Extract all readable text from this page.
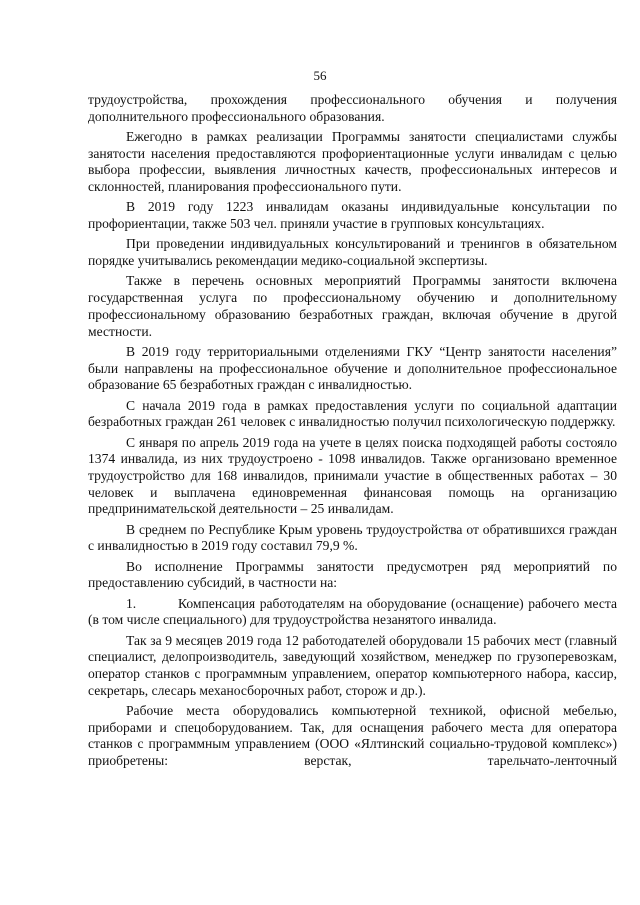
56

трудоустройства, прохождения профессионального обучения и получения дополнительного профессионального образования.

Ежегодно в рамках реализации Программы занятости специалистами службы занятости населения предоставляются профориентационные услуги инвалидам с целью выбора профессии, выявления личностных качеств, профессиональных интересов и склонностей, планирования профессионального пути.

В 2019 году 1223 инвалидам оказаны индивидуальные консультации по профориентации, также 503 чел. приняли участие в групповых консультациях.

При проведении индивидуальных консультирований и тренингов в обязательном порядке учитывались рекомендации медико-социальной экспертизы.

Также в перечень основных мероприятий Программы занятости включена государственная услуга по профессиональному обучению и дополнительному профессиональному образованию безработных граждан, включая обучение в другой местности.

В 2019 году территориальными отделениями ГКУ “Центр занятости населения” были направлены на профессиональное обучение и дополнительное профессиональное образование 65 безработных граждан с инвалидностью.

С начала 2019 года в рамках предоставления услуги по социальной адаптации безработных граждан 261 человек с инвалидностью получил психологическую поддержку.

С января по апрель 2019 года на учете в целях поиска подходящей работы состояло 1374 инвалида, из них трудоустроено - 1098 инвалидов. Также организовано временное трудоустройство для 168 инвалидов, принимали участие в общественных работах – 30 человек и выплачена единовременная финансовая помощь на организацию предпринимательской деятельности – 25 инвалидам.

В среднем по Республике Крым уровень трудоустройства от обратившихся граждан с инвалидностью в 2019 году составил 79,9 %.

Во исполнение Программы занятости предусмотрен ряд мероприятий по предоставлению субсидий, в частности на:

1.	Компенсация работодателям на оборудование (оснащение) рабочего места (в том числе специального) для трудоустройства незанятого инвалида.

Так за 9 месяцев 2019 года 12 работодателей оборудовали 15 рабочих мест (главный специалист, делопроизводитель, заведующий хозяйством, менеджер по грузоперевозкам, оператор станков с программным управлением, оператор компьютерного набора, кассир, секретарь, слесарь механосборочных работ, сторож и др.).

Рабочие места оборудовались компьютерной техникой, офисной мебелью, приборами и спецоборудованием. Так, для оснащения рабочего места для оператора станков с программным управлением (ООО «Ялтинский социально-трудовой комплекс») приобретены: верстак, тарельчато-ленточный
